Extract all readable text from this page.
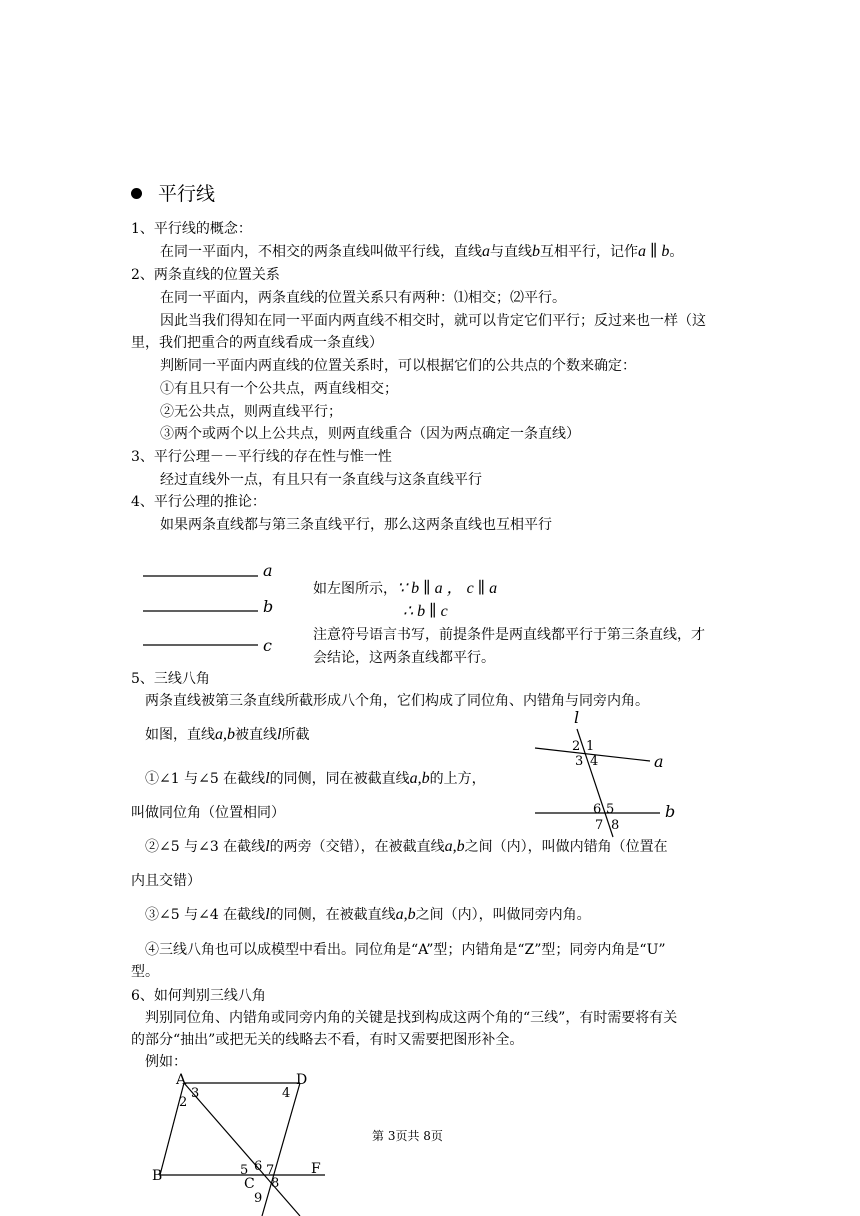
平行线
1、平行线的概念：
在同一平面内，不相交的两条直线叫做平行线，直线a与直线b互相平行，记作a ∥ b。
2、两条直线的位置关系
在同一平面内，两条直线的位置关系只有两种：⑴相交；⑵平行。
因此当我们得知在同一平面内两直线不相交时，就可以肯定它们平行；反过来也一样（这
里，我们把重合的两直线看成一条直线）
判断同一平面内两直线的位置关系时，可以根据它们的公共点的个数来确定：
①有且只有一个公共点，两直线相交；
②无公共点，则两直线平行；
③两个或两个以上公共点，则两直线重合（因为两点确定一条直线）
3、平行公理－－平行线的存在性与惟一性
经过直线外一点，有且只有一条直线与这条直线平行
4、平行公理的推论：
如果两条直线都与第三条直线平行，那么这两条直线也互相平行
a
b
c
如左图所示，∵ b ∥ a ， c ∥ a
∴ b ∥ c
注意符号语言书写，前提条件是两直线都平行于第三条直线，才
会结论，这两条直线都平行。
5、三线八角
两条直线被第三条直线所截形成八个角，它们构成了同位角、内错角与同旁内角。
如图，直线a,b被直线l所截
①∠1 与∠5 在截线l的同侧，同在被截直线a,b的上方，
叫做同位角（位置相同）
②∠5 与∠3 在截线l的两旁（交错），在被截直线a,b之间（内），叫做内错角（位置在
内且交错）
③∠5 与∠4 在截线l的同侧，在被截直线a,b之间（内），叫做同旁内角。
④三线八角也可以成模型中看出。同位角是“A”型；内错角是“Z”型；同旁内角是“U”
型。
l
a
b
1
2
3 4
5
6
7 8
6、如何判别三线八角
判别同位角、内错角或同旁内角的关键是找到构成这两个角的“三线”，有时需要将有关
的部分“抽出”或把无关的线略去不看，有时又需要把图形补全。
例如：
A	D
B	C
F
2
3	4
5 6 7
8
9
第 3页共 8页
